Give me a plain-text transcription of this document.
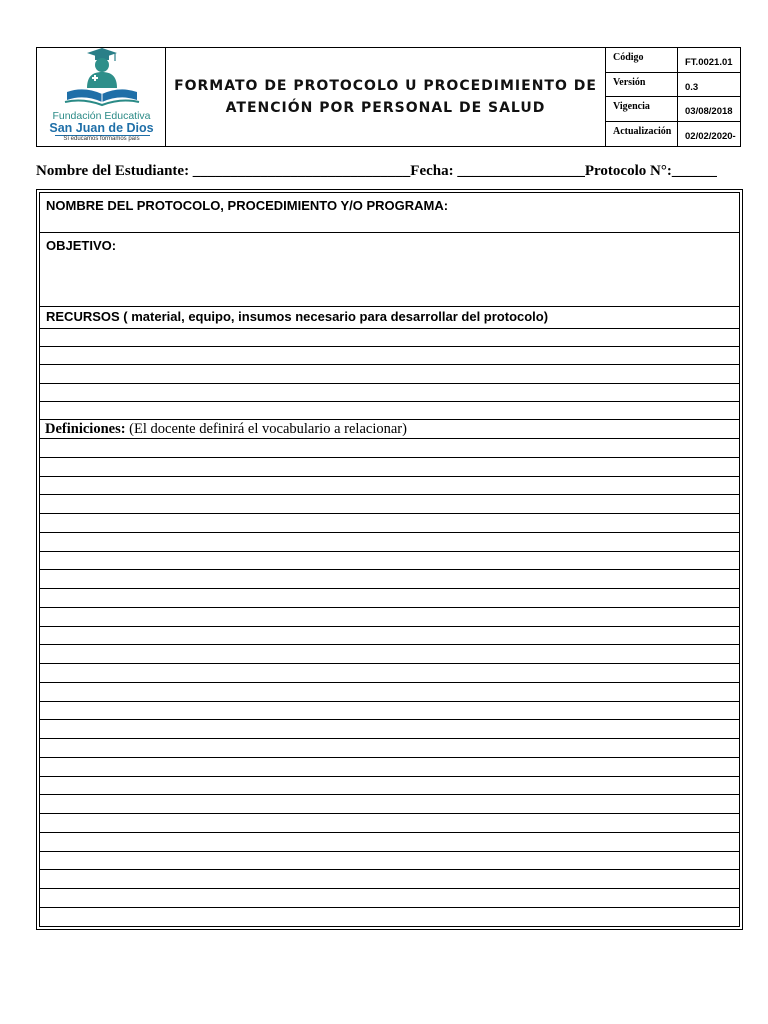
Fundación Educativa
San Juan de Dios
Sí educamos formamos país
FORMATO DE PROTOCOLO U PROCEDIMIENTO DE
ATENCIÓN POR PERSONAL DE SALUD
Código	FT.0021.01
Versión	0.3
Vigencia	03/08/2018
Actualización	02/02/2020-
Nombre del Estudiante: _____________________________Fecha: _________________Protocolo N°:______
NOMBRE DEL PROTOCOLO, PROCEDIMIENTO Y/O PROGRAMA:
OBJETIVO:
RECURSOS ( material, equipo, insumos necesario para desarrollar del protocolo)
Definiciones: (El docente definirá el vocabulario a relacionar)
